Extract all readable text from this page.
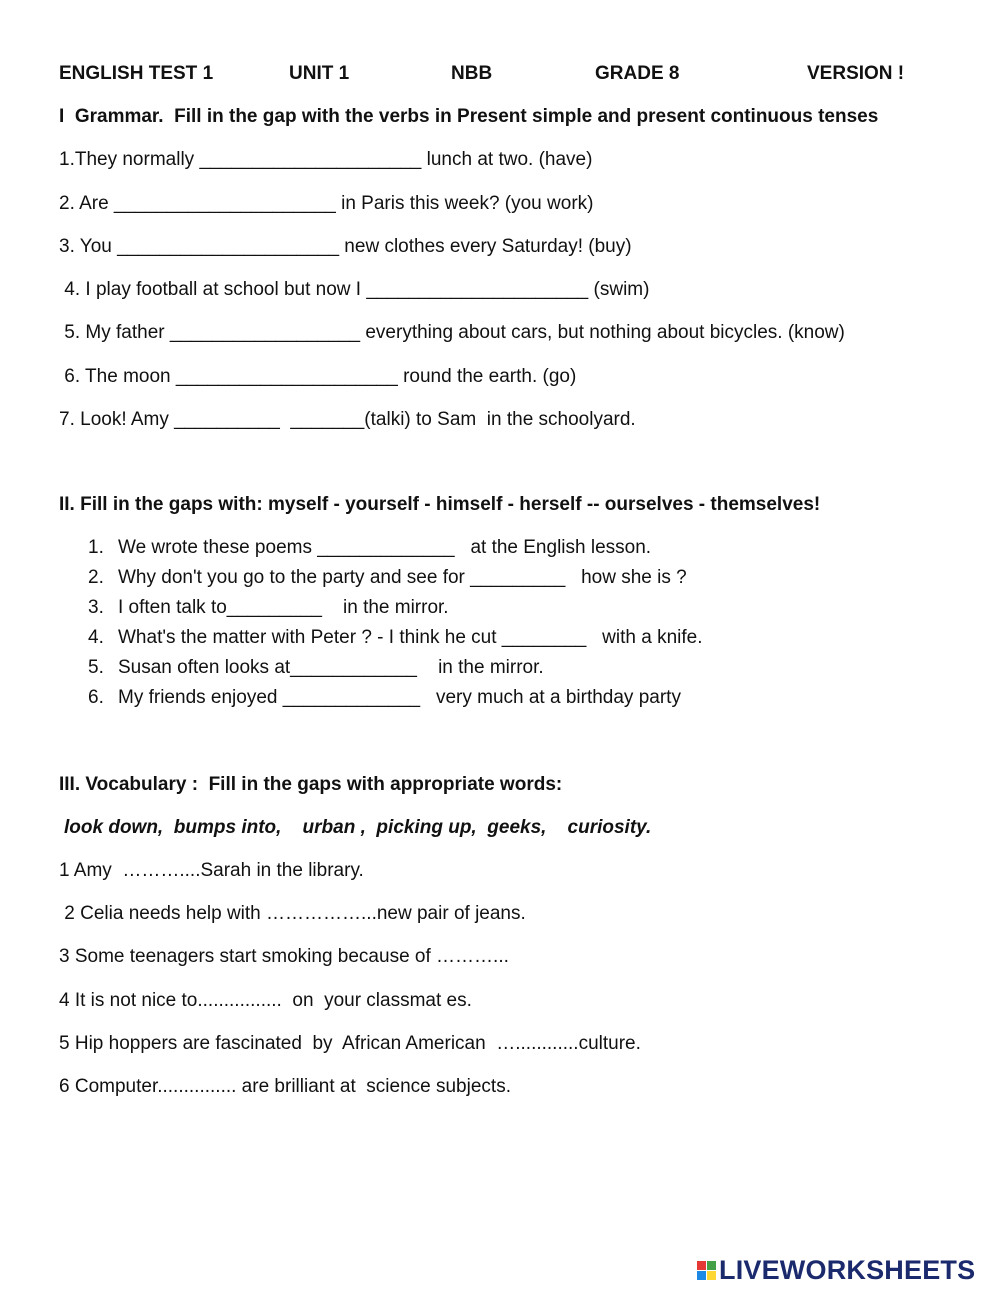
ENGLISH TEST 1	UNIT 1	NBB	GRADE 8	VERSION !
I  Grammar.  Fill in the gap with the verbs in Present simple and present continuous tenses
1.They normally _____________________ lunch at two. (have)
2. Are _____________________ in Paris this week? (you work)
3. You _____________________ new clothes every Saturday! (buy)
4. I play football at school but now I _____________________ (swim)
5. My father __________________ everything about cars, but nothing about bicycles. (know)
6. The moon _____________________ round the earth. (go)
7. Look! Amy __________  _______(talki) to Sam  in the schoolyard.
II. Fill in the gaps with: myself - yourself - himself - herself -- ourselves - themselves!
1. We wrote these poems _____________   at the English lesson.
2. Why don't you go to the party and see for _________   how she is ?
3. I often talk to_________    in the mirror.
4. What's the matter with Peter ? - I think he cut ________   with a knife.
5. Susan often looks at____________    in the mirror.
6. My friends enjoyed _____________   very much at a birthday party
III. Vocabulary :  Fill in the gaps with appropriate words:
look down,  bumps into,    urban ,  picking up,  geeks,    curiosity.
1 Amy  ………....Sarah in the library.
2 Celia needs help with ……………...new pair of jeans.
3 Some teenagers start smoking because of ………...
4 It is not nice to................  on  your classmat es.
5 Hip hoppers are fascinated  by  African American  …............culture.
6 Computer............... are brilliant at  science subjects.
LIVEWORKSHEETS
